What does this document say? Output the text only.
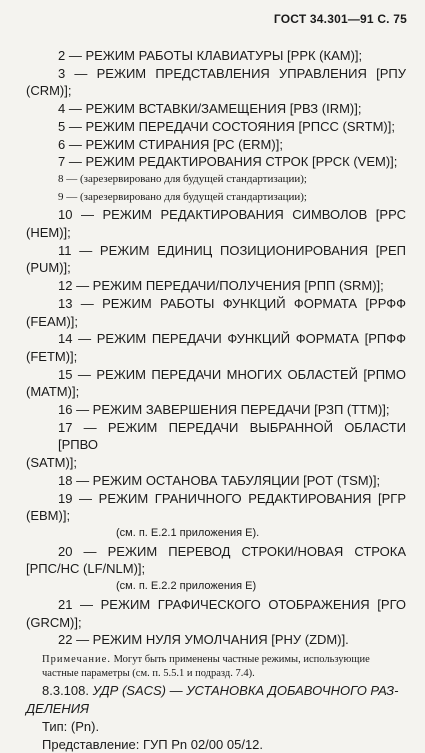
ГОСТ 34.301—91 С. 75
2 — РЕЖИМ РАБОТЫ КЛАВИАТУРЫ [РРК (КАМ)];
3 — РЕЖИМ ПРЕДСТАВЛЕНИЯ УПРАВЛЕНИЯ [РПУ
(CRM)];
4 — РЕЖИМ ВСТАВКИ/ЗАМЕЩЕНИЯ [РВЗ (IRM)];
5 — РЕЖИМ ПЕРЕДАЧИ СОСТОЯНИЯ [РПСС (SRTM)];
6 — РЕЖИМ СТИРАНИЯ [РС (ERM)];
7 — РЕЖИМ РЕДАКТИРОВАНИЯ СТРОК [РРСК (VEM)];
8 — (зарезервировано для будущей стандартизации);
9 — (зарезервировано для будущей стандартизации);
10 — РЕЖИМ РЕДАКТИРОВАНИЯ СИМВОЛОВ [РРС
(HEM)];
11 — РЕЖИМ ЕДИНИЦ ПОЗИЦИОНИРОВАНИЯ [РЕП
(PUM)];
12 — РЕЖИМ ПЕРЕДАЧИ/ПОЛУЧЕНИЯ [РПП (SRM)];
13 — РЕЖИМ РАБОТЫ ФУНКЦИЙ ФОРМАТА [РРФФ
(FEAM)];
14 — РЕЖИМ ПЕРЕДАЧИ ФУНКЦИЙ ФОРМАТА [РПФФ
(FETM)];
15 — РЕЖИМ ПЕРЕДАЧИ МНОГИХ ОБЛАСТЕЙ [РПМО
(MATM)];
16 — РЕЖИМ ЗАВЕРШЕНИЯ ПЕРЕДАЧИ [РЗП (TTM)];
17 — РЕЖИМ ПЕРЕДАЧИ ВЫБРАННОЙ ОБЛАСТИ [РПВО
(SATM)];
18 — РЕЖИМ ОСТАНОВА ТАБУЛЯЦИИ [РОТ (TSM)];
19 — РЕЖИМ ГРАНИЧНОГО РЕДАКТИРОВАНИЯ [РГР
(EBM)];
(см. п. Е.2.1 приложения Е).
20 — РЕЖИМ ПЕРЕВОД СТРОКИ/НОВАЯ СТРОКА
[РПС/НС (LF/NLM)];
(см. п. Е.2.2 приложения Е)
21 — РЕЖИМ ГРАФИЧЕСКОГО ОТОБРАЖЕНИЯ [РГО
(GRCM)];
22 — РЕЖИМ НУЛЯ УМОЛЧАНИЯ [РНУ (ZDM)].
Примечание. Могут быть применены частные режимы, использующие
частные параметры (см. п. 5.5.1 и подразд. 7.4).
8.3.108. УДР (SACS) — УСТАНОВКА ДОБАВОЧНОГО РАЗ-
ДЕЛЕНИЯ
Тип: (Pn).
Представление: ГУП Pn 02/00 05/12.
